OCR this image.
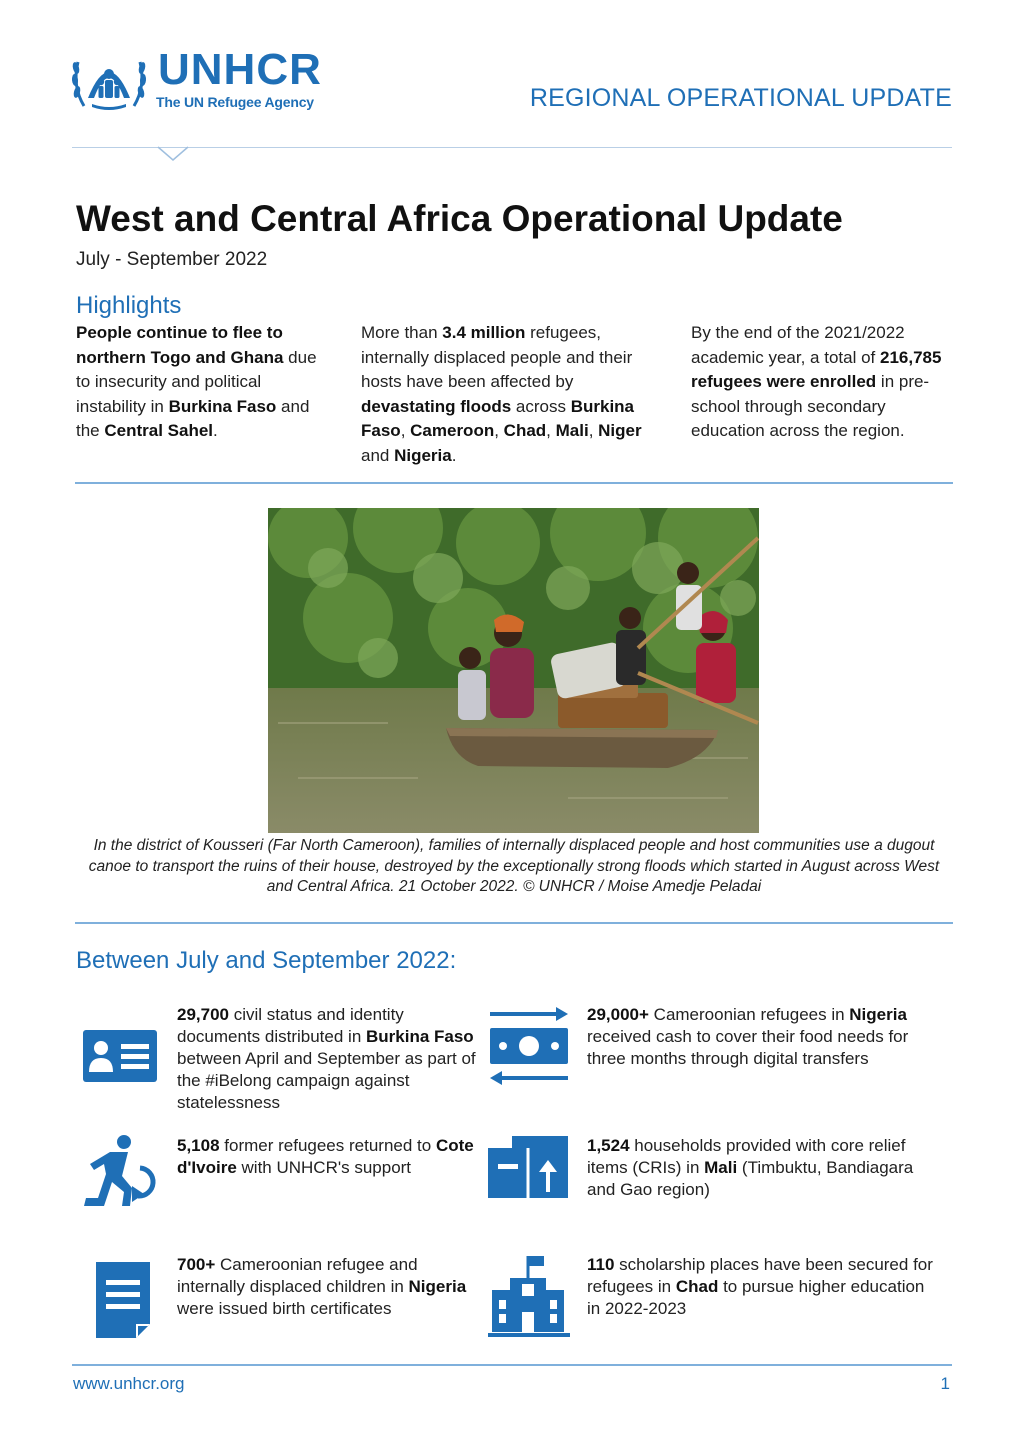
UNHCR
The UN Refugee Agency	REGIONAL OPERATIONAL UPDATE
West and Central Africa Operational Update
July - September 2022
Highlights
People continue to flee to northern Togo and Ghana due to insecurity and political instability in Burkina Faso and the Central Sahel.
More than 3.4 million refugees, internally displaced people and their hosts have been affected by devastating floods across Burkina Faso, Cameroon, Chad, Mali, Niger and Nigeria.
By the end of the 2021/2022 academic year, a total of 216,785 refugees were enrolled in pre-school through secondary education across the region.
In the district of Kousseri (Far North Cameroon), families of internally displaced people and host communities use a dugout canoe to transport the ruins of their house, destroyed by the exceptionally strong floods which started in August across West and Central Africa. 21 October 2022. © UNHCR / Moise Amedje Peladai
Between July and September 2022:
29,700 civil status and identity documents distributed in Burkina Faso between April and September as part of the #iBelong campaign against statelessness
29,000+ Cameroonian refugees in Nigeria received cash to cover their food needs for three months through digital transfers
5,108 former refugees returned to Cote d'Ivoire with UNHCR's support
1,524 households provided with core relief items (CRIs) in Mali (Timbuktu, Bandiagara and Gao region)
700+ Cameroonian refugee and internally displaced children in Nigeria were issued birth certificates
110 scholarship places have been secured for refugees in Chad to pursue higher education in 2022-2023
www.unhcr.org	1
